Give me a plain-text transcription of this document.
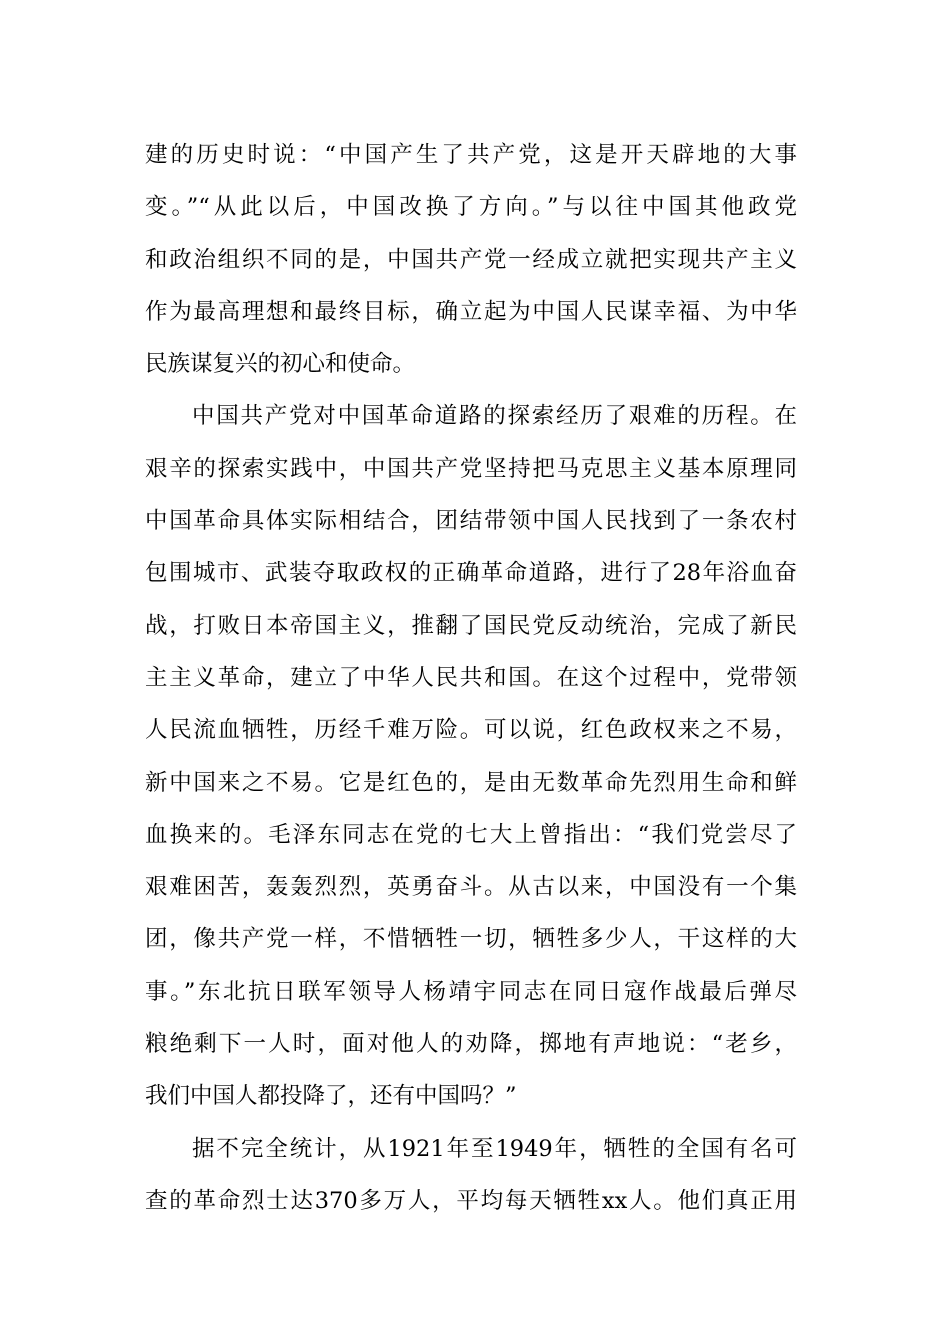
建的历史时说：“中国产生了共产党，这是开天辟地的大事
变。”“从此以后，中国改换了方向。”与以往中国其他政党
和政治组织不同的是，中国共产党一经成立就把实现共产主义
作为最高理想和最终目标，确立起为中国人民谋幸福、为中华
民族谋复兴的初心和使命。
中国共产党对中国革命道路的探索经历了艰难的历程。在
艰辛的探索实践中，中国共产党坚持把马克思主义基本原理同
中国革命具体实际相结合，团结带领中国人民找到了一条农村
包围城市、武装夺取政权的正确革命道路，进行了28年浴血奋
战，打败日本帝国主义，推翻了国民党反动统治，完成了新民
主主义革命，建立了中华人民共和国。在这个过程中，党带领
人民流血牺牲，历经千难万险。可以说，红色政权来之不易，
新中国来之不易。它是红色的，是由无数革命先烈用生命和鲜
血换来的。毛泽东同志在党的七大上曾指出：“我们党尝尽了
艰难困苦，轰轰烈烈，英勇奋斗。从古以来，中国没有一个集
团，像共产党一样，不惜牺牲一切，牺牲多少人，干这样的大
事。”东北抗日联军领导人杨靖宇同志在同日寇作战最后弹尽
粮绝剩下一人时，面对他人的劝降，掷地有声地说：“老乡，
我们中国人都投降了，还有中国吗？”
据不完全统计，从1921年至1949年，牺牲的全国有名可
查的革命烈士达370多万人，平均每天牺牲xx人。他们真正用
